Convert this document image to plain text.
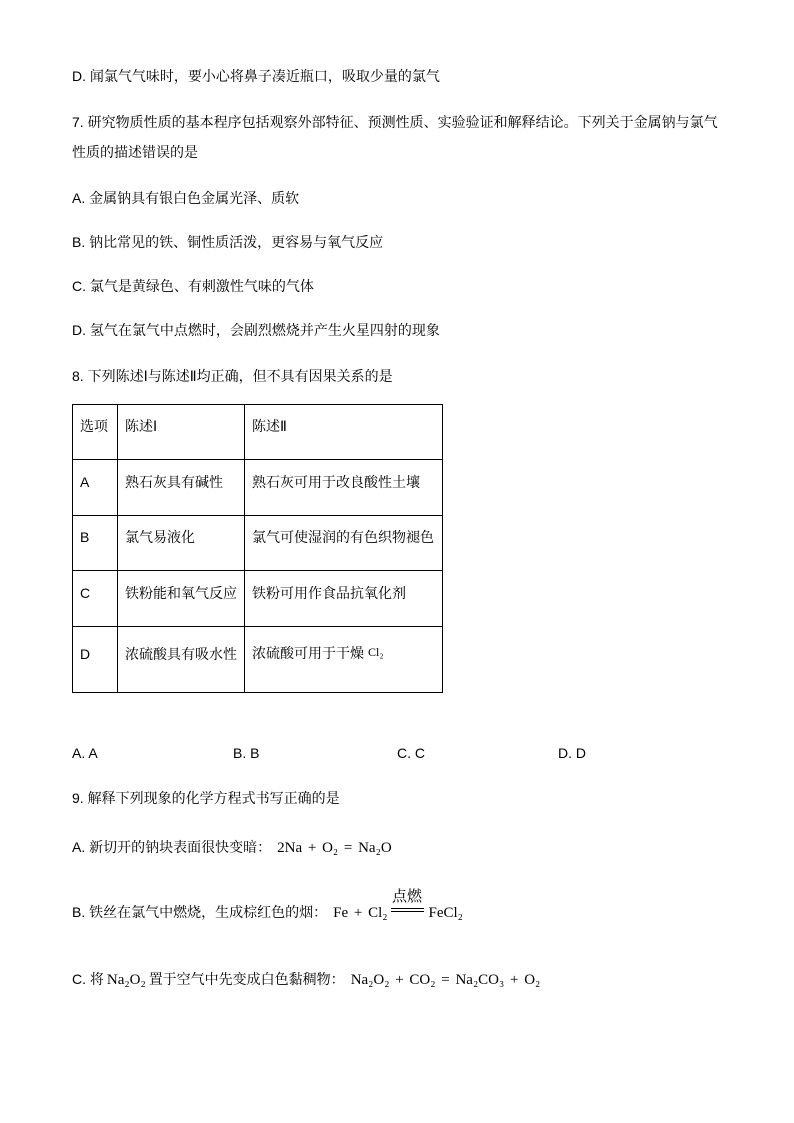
D. 闻氯气气味时，要小心将鼻子凑近瓶口，吸取少量的氯气
7. 研究物质性质的基本程序包括观察外部特征、预测性质、实验验证和解释结论。下列关于金属钠与氯气性质的描述错误的是
A. 金属钠具有银白色金属光泽、质软
B. 钠比常见的铁、铜性质活泼，更容易与氧气反应
C. 氯气是黄绿色、有刺激性气味的气体
D. 氢气在氯气中点燃时，会剧烈燃烧并产生火星四射的现象
8. 下列陈述Ⅰ与陈述Ⅱ均正确，但不具有因果关系的是
选项	陈述Ⅰ	陈述Ⅱ
A	熟石灰具有碱性	熟石灰可用于改良酸性土壤
B	氯气易液化	氯气可使湿润的有色织物褪色
C	铁粉能和氧气反应	铁粉可用作食品抗氧化剂
D	浓硫酸具有吸水性	浓硫酸可用于干燥 Cl₂
A. A	B. B	C. C	D. D
9. 解释下列现象的化学方程式书写正确的是
A. 新切开的钠块表面很快变暗： 2Na + O₂ = Na₂O
B. 铁丝在氯气中燃烧，生成棕红色的烟： Fe + Cl₂
点燃
FeCl₂
C. 将 Na₂O₂ 置于空气中先变成白色黏稠物： Na₂O₂ + CO₂ = Na₂CO₃ + O₂
